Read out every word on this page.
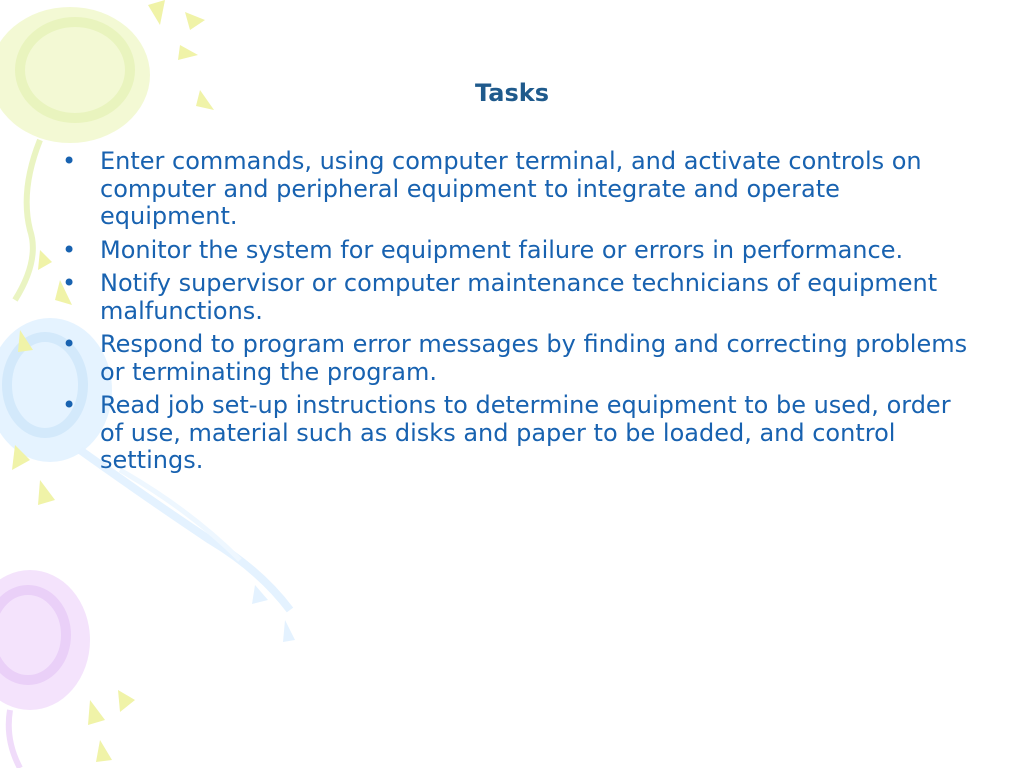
Tasks
• Enter commands, using computer terminal, and activate controls on computer and peripheral equipment to integrate and operate equipment.
• Monitor the system for equipment failure or errors in performance.
• Notify supervisor or computer maintenance technicians of equipment malfunctions.
• Respond to program error messages by finding and correcting problems or terminating the program.
• Read job set-up instructions to determine equipment to be used, order of use, material such as disks and paper to be loaded, and control settings.
